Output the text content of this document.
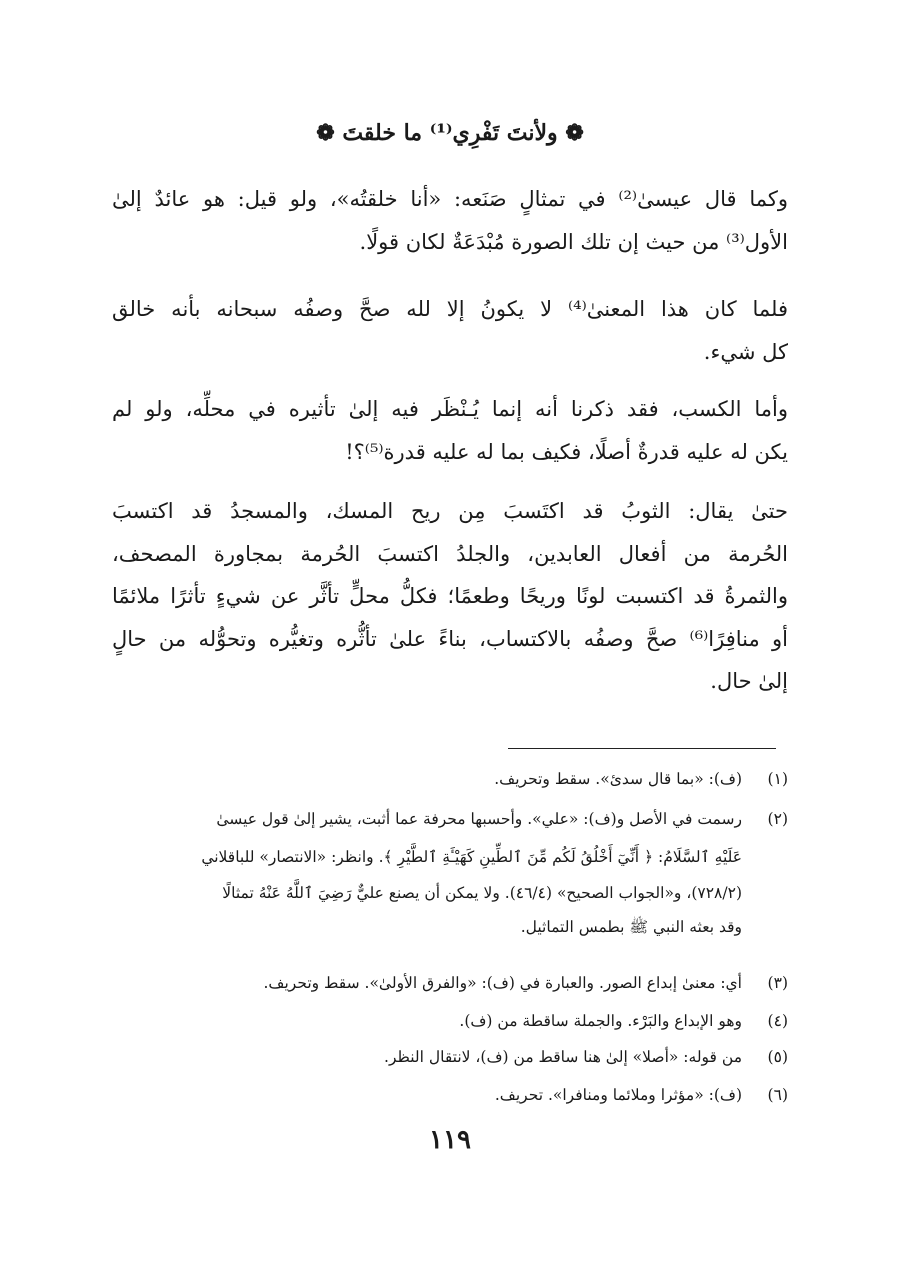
❁ ولأنتَ تَفْرِي⁽¹⁾ ما خلقتَ ❁

وكما قال عيسىٰ⁽²⁾ في تمثالٍ صَنَعه: «أنا خلقتُه»، ولو قيل: هو عائدٌ إلىٰ
الأول⁽³⁾ من حيث إن تلك الصورة مُبْدَعَةٌ لكان قولًا.

فلما كان هذا المعنىٰ⁽⁴⁾ لا يكونُ إلا لله صحَّ وصفُه سبحانه بأنه خالق
كل شيء.

وأما الكسب، فقد ذكرنا أنه إنما يُـنْظَر فيه إلىٰ تأثيره في محلِّه، ولو لم
يكن له عليه قدرةٌ أصلًا، فكيف بما له عليه قدرة⁽⁵⁾؟!

حتىٰ يقال: الثوبُ قد اكتَسبَ مِن ريح المسك، والمسجدُ قد اكتسبَ
الحُرمة من أفعال العابدين، والجلدُ اكتسبَ الحُرمة بمجاورة المصحف،
والثمرةُ قد اكتسبت لونًا وريحًا وطعمًا؛ فكلُّ محلٍّ تأثَّر عن شيءٍ تأثرًا ملائمًا
أو منافِرًا⁽⁶⁾ صحَّ وصفُه بالاكتساب، بناءً علىٰ تأثُّره وتغيُّره وتحوُّله من حالٍ
إلىٰ حال.

(١)(ف): «بما قال سدئ». سقط وتحريف.
(٢)رسمت في الأصل و(ف): «علي». وأحسبها محرفة عما أثبت، يشير إلىٰ قول عيسىٰ
عَلَيْهِ ٱلسَّلَامُ: ﴿ أَنِّيٓ أَخْلُقُ لَكُم مِّنَ ٱلطِّينِ كَهَيْـَٔةِ ٱلطَّيْرِ ﴾. وانظر: «الانتصار» للباقلاني
(٧٢٨/٢)، و«الجواب الصحيح» (٤٦/٤). ولا يمكن أن يصنع عليٌّ رَضِيَ ٱللَّهُ عَنْهُ تمثالًا
وقد بعثه النبي ﷺ بطمس التماثيل.
(٣)أي: معنىٰ إبداع الصور. والعبارة في (ف): «والفرق الأولىٰ». سقط وتحريف.
(٤)وهو الإبداع والبَرْء. والجملة ساقطة من (ف).
(٥)من قوله: «أصلا» إلىٰ هنا ساقط من (ف)، لانتقال النظر.
(٦)(ف): «مؤثرا وملائما ومنافرا». تحريف.
١١٩
